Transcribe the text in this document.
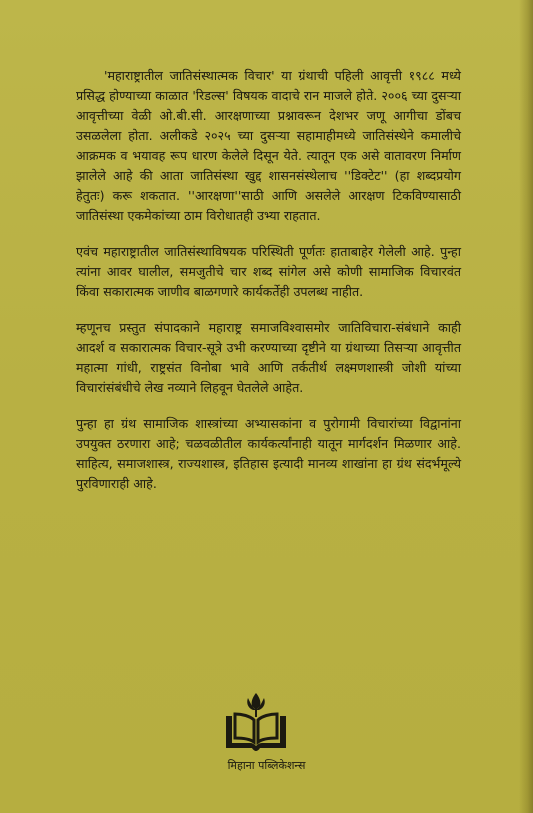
'महाराष्ट्रातील जातिसंस्थात्मक विचार' या ग्रंथाची पहिली आवृत्ती १९८८ मध्ये प्रसिद्ध होण्याच्या काळात 'रिडल्स' विषयक वादाचे रान माजले होते. २००६ च्या दुसऱ्या आवृत्तीच्या वेळी ओ.बी.सी. आरक्षणाच्या प्रश्नावरून देशभर जणू आगीचा डोंबच उसळलेला होता. अलीकडे २०२५ च्या दुसऱ्या सहामाहीमध्ये जातिसंस्थेने कमालीचे आक्रमक व भयावह रूप धारण केलेले दिसून येते. त्यातून एक असे वातावरण निर्माण झालेले आहे की आता जातिसंस्था खुद्द शासनसंस्थेलाच ''डिक्टेट'' (हा शब्दप्रयोग हेतुतः) करू शकतात. ''आरक्षणा''साठी आणि असलेले आरक्षण टिकविण्यासाठी जातिसंस्था एकमेकांच्या ठाम विरोधातही उभ्या राहतात.

एवंच महाराष्ट्रातील जातिसंस्थाविषयक परिस्थिती पूर्णतः हाताबाहेर गेलेली आहे. पुन्हा त्यांना आवर घालील, समजुतीचे चार शब्द सांगेल असे कोणी सामाजिक विचारवंत किंवा सकारात्मक जाणीव बाळगणारे कार्यकर्तेही उपलब्ध नाहीत.

म्हणूनच प्रस्तुत संपादकाने महाराष्ट्र समाजविश्वासमोर जातिविचारा-संबंधाने काही आदर्श व सकारात्मक विचार-सूत्रे उभी करण्याच्या दृष्टीने या ग्रंथाच्या तिसऱ्या आवृत्तीत महात्मा गांधी, राष्ट्रसंत विनोबा भावे आणि तर्कतीर्थ लक्ष्मणशास्त्री जोशी यांच्या विचारांसंबंधीचे लेख नव्याने लिहवून घेतलेले आहेत.

पुन्हा हा ग्रंथ सामाजिक शास्त्रांच्या अभ्यासकांना व पुरोगामी विचारांच्या विद्वानांना उपयुक्त ठरणारा आहे; चळवळीतील कार्यकर्त्यांनाही यातून मार्गदर्शन मिळणार आहे. साहित्य, समाजशास्त्र, राज्यशास्त्र, इतिहास इत्यादी मानव्य शाखांना हा ग्रंथ संदर्भमूल्ये पुरविणाराही आहे.

मिहाना पब्लिकेशन्स
